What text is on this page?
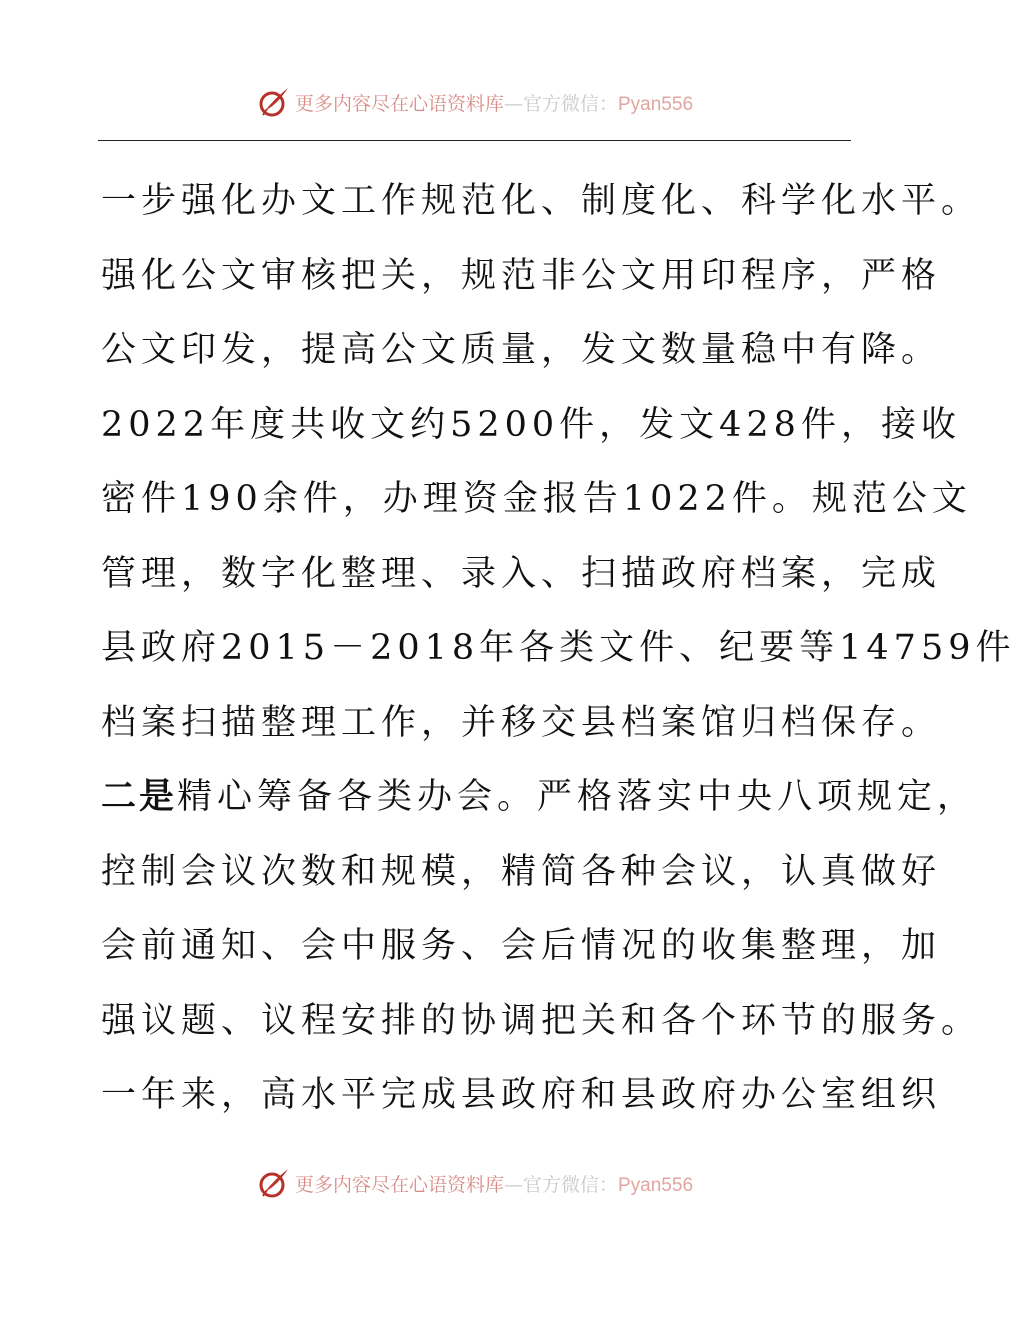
更多内容尽在心语资料库—官方微信：Pyan556
一步强化办文工作规范化、制度化、科学化水平。
强化公文审核把关，规范非公文用印程序，严格
公文印发，提高公文质量，发文数量稳中有降。
2022年度共收文约5200件，发文428件，接收
密件190余件，办理资金报告1022件。规范公文
管理，数字化整理、录入、扫描政府档案，完成
县政府2015－2018年各类文件、纪要等14759件
档案扫描整理工作，并移交县档案馆归档保存。
二是精心筹备各类办会。严格落实中央八项规定，
控制会议次数和规模，精简各种会议，认真做好
会前通知、会中服务、会后情况的收集整理，加
强议题、议程安排的协调把关和各个环节的服务。
一年来，高水平完成县政府和县政府办公室组织
更多内容尽在心语资料库—官方微信：Pyan556
